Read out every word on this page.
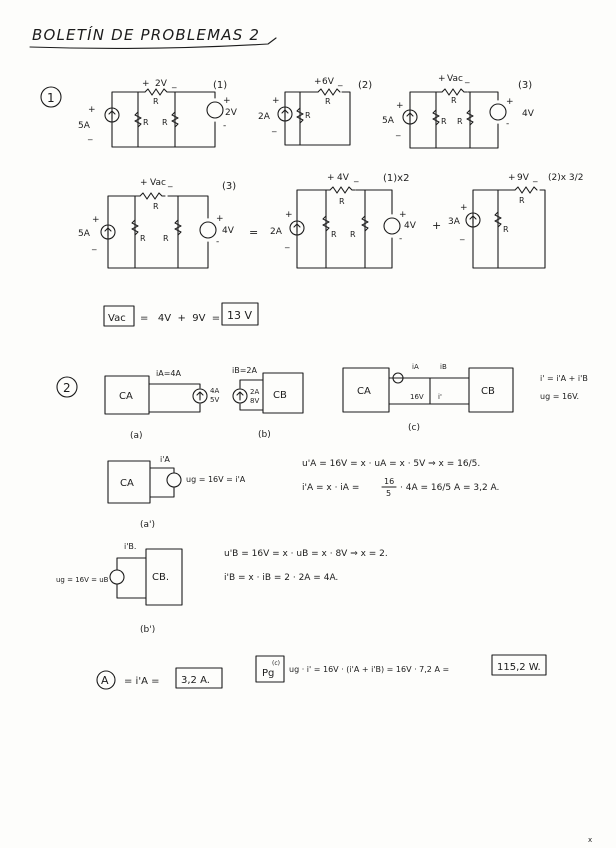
BOLETÍN DE PROBLEMAS 2
1
5A
+
_
2V
+ _
R
R R
2V
+
-
(1)
2A
+
_
6V
+ _
R
R
(2)
5A
+
_
Vac
+ _
R
R R
4V
+
-
(3)
5A
+
_
Vac
+ _
R
R R
4V
+
-
(3)
= 2A
+
_
4V
+ _
R
R R
4V
+
-
(1)x2
+ 3A
+
_
9V
+ _
R
R
(2)x 3/2
Vac =   4V  +  9V  = 13 V
2
CA
iA=4A
4A
5V
(a)
CB
iB=2A
2A
8V
(b)
CA	CB
iA	iB
16V i'
(c)
i' = i'A + i'B
ug = 16V.
CA
i'A
ug = 16V = i'A
(a')
u'A = 16V = x · uA = x · 5V ⇒ x = 16/5.
i'A = x · iA =
16
5
· 4A = 16/5 A = 3,2 A.
CB.
i'B.
ug = 16V = uB
(b')
u'B = 16V = x · uB = x · 8V ⇒ x = 2.
i'B = x · iB = 2 · 2A = 4A.
A = i'A = 3,2 A.
Pg
(c)
ug · i' = 16V · (i'A + i'B) = 16V · 7,2 A =	115,2 W.
x
